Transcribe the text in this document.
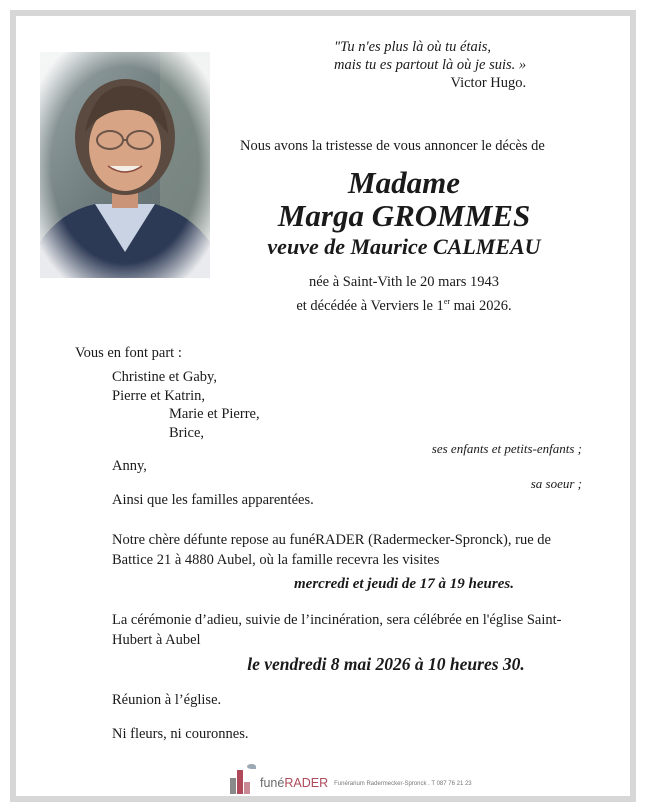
"Tu n'es plus là où tu étais,
mais tu es partout là où je suis. »
Victor Hugo.
Nous avons la tristesse de vous annoncer le décès de
Madame
Marga GROMMES
veuve de Maurice CALMEAU
née à Saint-Vith le 20 mars 1943
et décédée à Verviers le 1er mai 2026.
Vous en font part :
Christine et Gaby,
Pierre et Katrin,
Marie et Pierre,
Brice,
ses enfants et petits-enfants ;
Anny,
sa soeur ;
Ainsi que les familles apparentées.
Notre chère défunte repose au funéRADER (Radermecker-Spronck), rue de Battice 21 à 4880 Aubel, où la famille recevra les visites
mercredi et jeudi de 17 à 19 heures.
La cérémonie d’adieu, suivie de l’incinération, sera célébrée en l'église Saint-Hubert à Aubel
le vendredi 8 mai 2026 à 10 heures 30.
Réunion à l’église.
Ni fleurs, ni couronnes.
funéRADER Funérarium Radermecker-Spronck . T 087 76 21 23
